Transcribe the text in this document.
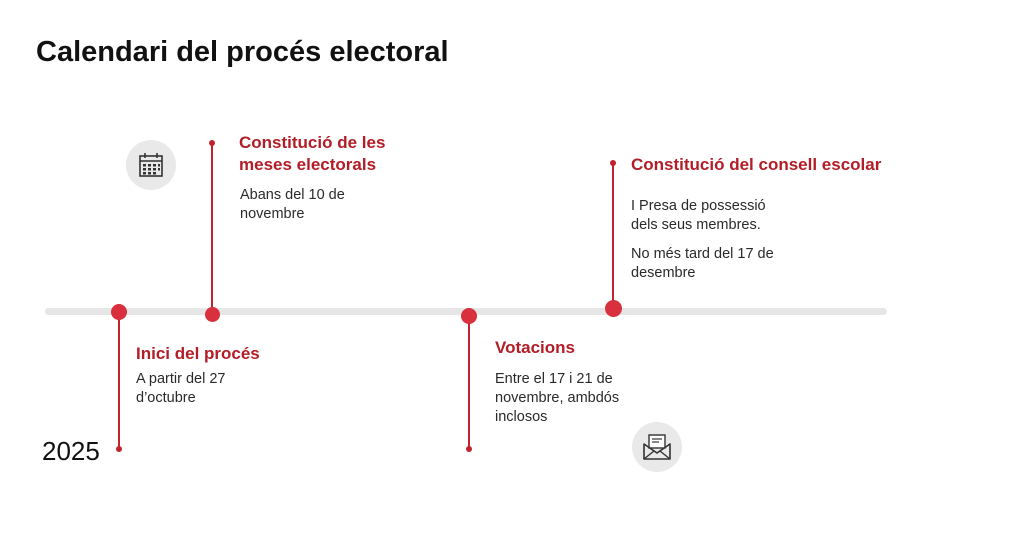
Calendari del procés electoral
Inici del procés
A partir del 27
d’octubre
2025
Constitució de les
meses electorals
Abans del 10 de
novembre
Votacions
Entre el 17 i 21 de
novembre, ambdós
inclosos
Constitució del consell escolar
I Presa de possessió
dels seus membres.
No més tard del 17 de
desembre
